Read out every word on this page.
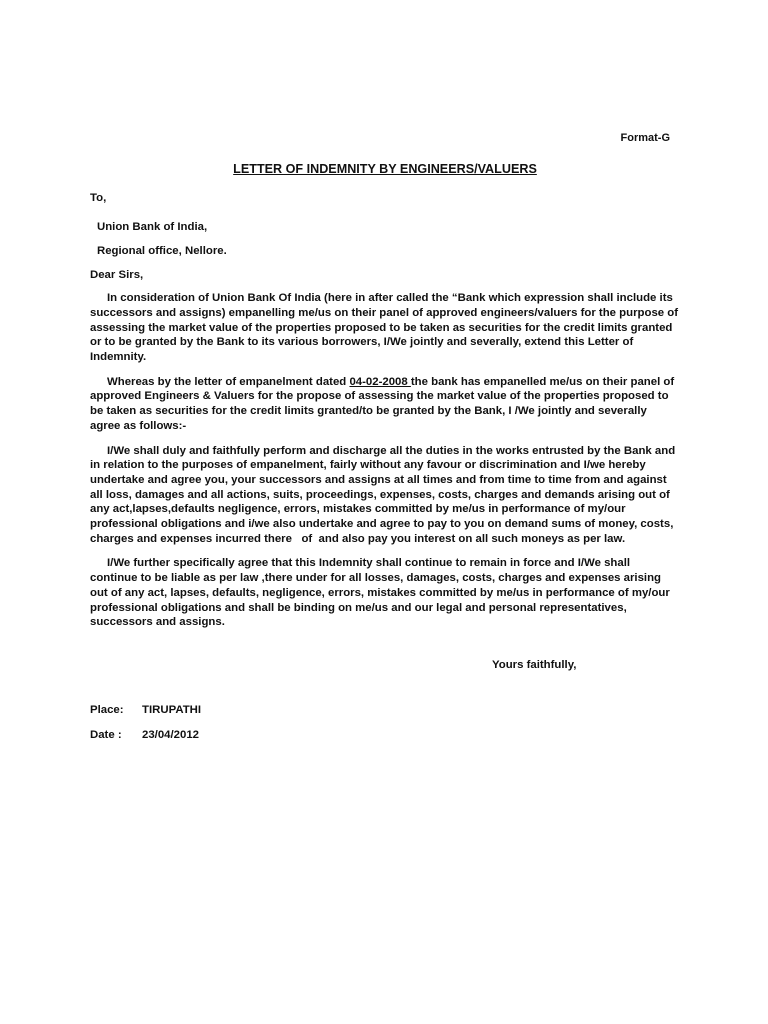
Format-G

LETTER OF INDEMNITY BY ENGINEERS/VALUERS

To,

Union Bank of India,

Regional office, Nellore.

Dear Sirs,

In consideration of Union Bank Of India (here in after called the “Bank which expression shall include its successors and assigns) empanelling me/us on their panel of approved engineers/valuers for the purpose of assessing the market value of the properties proposed to be taken as securities for the credit limits granted or to be granted by the Bank to its various borrowers, I/We jointly and severally, extend this Letter of Indemnity.

Whereas by the letter of empanelment dated 04-02-2008 the bank has empanelled me/us on their panel of approved Engineers & Valuers for the propose of assessing the market value of the properties proposed to be taken as securities for the credit limits granted/to be granted by the Bank, I /We jointly and severally agree as follows:-

I/We shall duly and faithfully perform and discharge all the duties in the works entrusted by the Bank and in relation to the purposes of empanelment, fairly without any favour or discrimination and I/we hereby undertake and agree you, your successors and assigns at all times and from time to time from and against all loss, damages and all actions, suits, proceedings, expenses, costs, charges and demands arising out of any act,lapses,defaults negligence, errors, mistakes committed by me/us in performance of my/our professional obligations and i/we also undertake and agree to pay to you on demand sums of money, costs, charges and expenses incurred there   of  and also pay you interest on all such moneys as per law.

I/We further specifically agree that this Indemnity shall continue to remain in force and I/We shall continue to be liable as per law ,there under for all losses, damages, costs, charges and expenses arising out of any act, lapses, defaults, negligence, errors, mistakes committed by me/us in performance of my/our professional obligations and shall be binding on me/us and our legal and personal representatives, successors and assigns.

Yours faithfully,

Place: TIRUPATHI

Date : 23/04/2012
